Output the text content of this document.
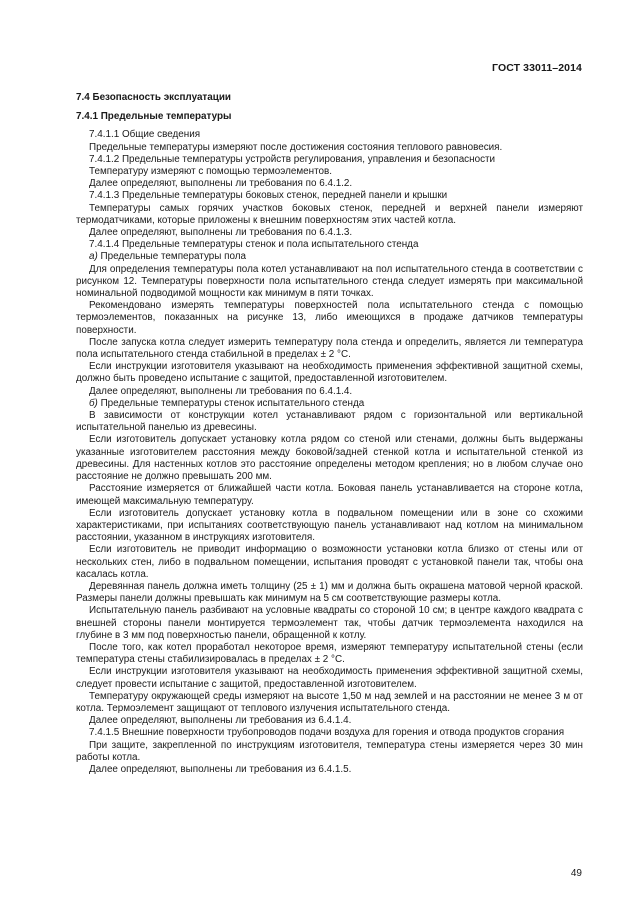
ГОСТ 33011–2014

7.4 Безопасность эксплуатации

7.4.1 Предельные температуры

7.4.1.1 Общие сведения

Предельные температуры измеряют после достижения состояния теплового равновесия.

7.4.1.2 Предельные температуры устройств регулирования, управления и безопасности

Температуру измеряют с помощью термоэлементов.

Далее определяют, выполнены ли требования по 6.4.1.2.

7.4.1.3 Предельные температуры боковых стенок, передней панели и крышки

Температуры самых горячих участков боковых стенок, передней и верхней панели измеряют термодатчиками, которые приложены к внешним поверхностям этих частей котла.

Далее определяют, выполнены ли требования по 6.4.1.3.

7.4.1.4 Предельные температуры стенок и пола испытательного стенда

а) Предельные температуры пола

Для определения температуры пола котел устанавливают на пол испытательного стенда в соответствии с рисунком 12. Температуры поверхности пола испытательного стенда следует измерять при максимальной номинальной подводимой мощности как минимум в пяти точках.

Рекомендовано измерять температуры поверхностей пола испытательного стенда с помощью термоэлементов, показанных на рисунке 13, либо имеющихся в продаже датчиков температуры поверхности.

После запуска котла следует измерить температуру пола стенда и определить, является ли температура пола испытательного стенда стабильной в пределах ± 2 °C.

Если инструкции изготовителя указывают на необходимость применения эффективной защитной схемы, должно быть проведено испытание с защитой, предоставленной изготовителем.

Далее определяют, выполнены ли требования по 6.4.1.4.

б) Предельные температуры стенок испытательного стенда

В зависимости от конструкции котел устанавливают рядом с горизонтальной или вертикальной испытательной панелью из древесины.

Если изготовитель допускает установку котла рядом со стеной или стенами, должны быть выдержаны указанные изготовителем расстояния между боковой/задней стенкой котла и испытательной стенкой из древесины. Для настенных котлов это расстояние определены методом крепления; но в любом случае оно расстояние не должно превышать 200 мм.

Расстояние измеряется от ближайшей части котла. Боковая панель устанавливается на стороне котла, имеющей максимальную температуру.

Если изготовитель допускает установку котла в подвальном помещении или в зоне со схожими характеристиками, при испытаниях соответствующую панель устанавливают над котлом на минимальном расстоянии, указанном в инструкциях изготовителя.

Если изготовитель не приводит информацию о возможности установки котла близко от стены или от нескольких стен, либо в подвальном помещении, испытания проводят с установкой панели так, чтобы она касалась котла.

Деревянная панель должна иметь толщину (25 ± 1) мм и должна быть окрашена матовой черной краской. Размеры панели должны превышать как минимум на 5 см соответствующие размеры котла.

Испытательную панель разбивают на условные квадраты со стороной 10 см; в центре каждого квадрата с внешней стороны панели монтируется термоэлемент так, чтобы датчик термоэлемента находился на глубине в 3 мм под поверхностью панели, обращенной к котлу.

После того, как котел проработал некоторое время, измеряют температуру испытательной стены (если температура стены стабилизировалась в пределах ± 2 °C.

Если инструкции изготовителя указывают на необходимость применения эффективной защитной схемы, следует провести испытание с защитой, предоставленной изготовителем.

Температуру окружающей среды измеряют на высоте 1,50 м над землей и на расстоянии не менее 3 м от котла. Термоэлемент защищают от теплового излучения испытательного стенда.

Далее определяют, выполнены ли требования из 6.4.1.4.

7.4.1.5 Внешние поверхности трубопроводов подачи воздуха для горения и отвода продуктов сгорания

При защите, закрепленной по инструкциям изготовителя, температура стены измеряется через 30 мин работы котла.

Далее определяют, выполнены ли требования из 6.4.1.5.

49
